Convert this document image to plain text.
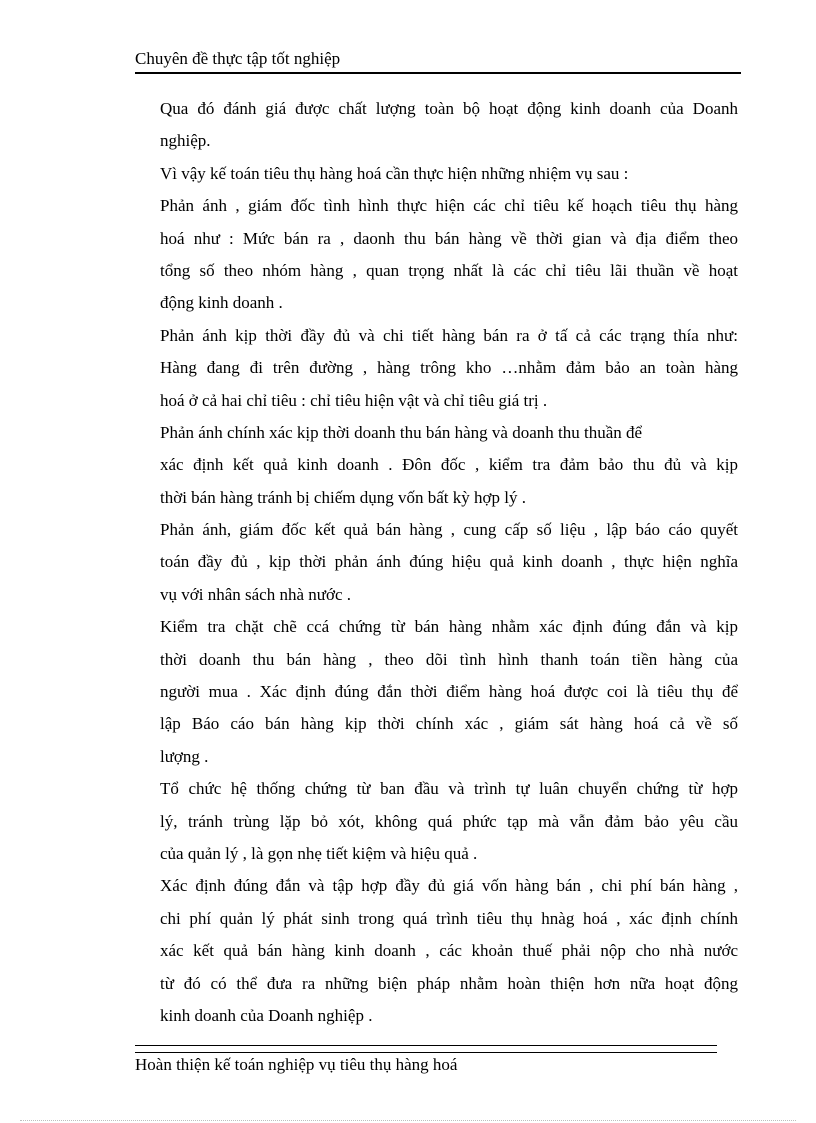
Chuyên đề thực tập tốt nghiệp
Qua đó đánh giá được chất lượng toàn bộ hoạt động kinh doanh của Doanh
nghiệp.
Vì vậy kế toán tiêu thụ hàng hoá cần thực hiện những nhiệm vụ sau :
Phản ánh , giám đốc tình hình thực hiện các chỉ tiêu kế hoạch tiêu thụ hàng
hoá như : Mức bán ra , daonh thu bán hàng về thời gian và địa điểm theo
tổng số theo nhóm hàng , quan trọng nhất là các chỉ tiêu lãi thuần về hoạt
động kinh doanh .
Phản ánh kịp thời đầy đủ và chi tiết hàng bán ra ở tấ cả các trạng thía như:
Hàng đang đi trên đường , hàng trông kho …nhằm đảm bảo an toàn hàng
hoá ở cả hai chỉ tiêu : chỉ tiêu hiện vật và chỉ tiêu giá trị .
Phản ánh chính xác kịp thời doanh thu bán hàng và doanh thu thuần để
xác định kết quả kinh doanh . Đôn đốc , kiểm tra đảm bảo thu đủ và kịp
thời bán hàng tránh bị chiếm dụng vốn bất kỳ hợp lý .
Phản ánh, giám đốc kết quả bán hàng , cung cấp số liệu , lập báo cáo quyết
toán đầy đủ , kịp thời phản ánh đúng hiệu quả kinh doanh , thực hiện nghĩa
vụ với nhân sách nhà nước .
Kiểm tra chặt chẽ ccá chứng từ bán hàng nhằm xác định đúng đắn và kịp
thời doanh thu bán hàng , theo dõi tình hình thanh toán tiền hàng của
người mua . Xác định đúng đắn thời điểm hàng hoá được coi là tiêu thụ để
lập Báo cáo bán hàng kịp thời chính xác , giám sát hàng hoá cả về số
lượng .
Tổ chức hệ thống chứng từ ban đầu và trình tự luân chuyển chứng từ hợp
lý, tránh trùng lặp bỏ xót, không quá phức tạp mà vẫn đảm bảo yêu cầu
của quản lý , là gọn nhẹ tiết kiệm và hiệu quả .
Xác định đúng đắn và tập hợp đầy đủ giá vốn hàng bán , chi phí bán hàng ,
chi phí quản lý phát sinh trong quá trình tiêu thụ hnàg hoá , xác định chính
xác kết quả bán hàng kinh doanh , các khoản thuế phải nộp cho nhà nước
từ đó có thể đưa ra những biện pháp nhằm hoàn thiện hơn nữa hoạt động
kinh doanh của Doanh nghiệp .
Hoàn thiện kế toán nghiệp vụ tiêu thụ hàng hoá
